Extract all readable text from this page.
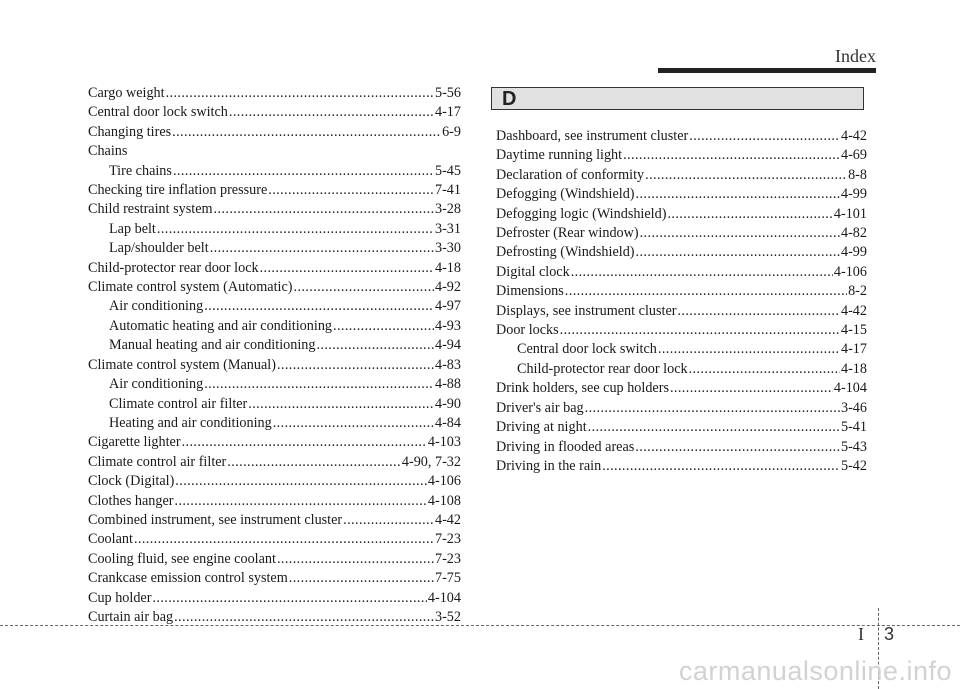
Index
Cargo weight .....	5-56
Central door lock switch .....	4-17
Changing tires .....	6-9
Chains
Tire chains .....	5-45
Checking tire inflation pressure .....	7-41
Child restraint system .....	3-28
Lap belt .....	3-31
Lap/shoulder belt .....	3-30
Child-protector rear door lock .....	4-18
Climate control system (Automatic) .....	4-92
Air conditioning .....	4-97
Automatic heating and air conditioning .....	4-93
Manual heating and air conditioning .....	4-94
Climate control system (Manual) .....	4-83
Air conditioning .....	4-88
Climate control air filter .....	4-90
Heating and air conditioning .....	4-84
Cigarette lighter .....	4-103
Climate control air filter .....	4-90, 7-32
Clock (Digital) .....	4-106
Clothes hanger .....	4-108
Combined instrument, see instrument cluster .....	4-42
Coolant .....	7-23
Cooling fluid, see engine coolant .....	7-23
Crankcase emission control system .....	7-75
Cup holder .....	4-104
Curtain air bag .....	3-52
D
Dashboard, see instrument cluster .....	4-42
Daytime running light .....	4-69
Declaration of conformity .....	8-8
Defogging (Windshield) .....	4-99
Defogging logic (Windshield) .....	4-101
Defroster (Rear window) .....	4-82
Defrosting (Windshield) .....	4-99
Digital clock .....	4-106
Dimensions .....	8-2
Displays, see instrument cluster .....	4-42
Door locks .....	4-15
Central door lock switch .....	4-17
Child-protector rear door lock .....	4-18
Drink holders, see cup holders .....	4-104
Driver's air bag .....	3-46
Driving at night .....	5-41
Driving in flooded areas .....	5-43
Driving in the rain .....	5-42
I 3
carmanualsonline.info
